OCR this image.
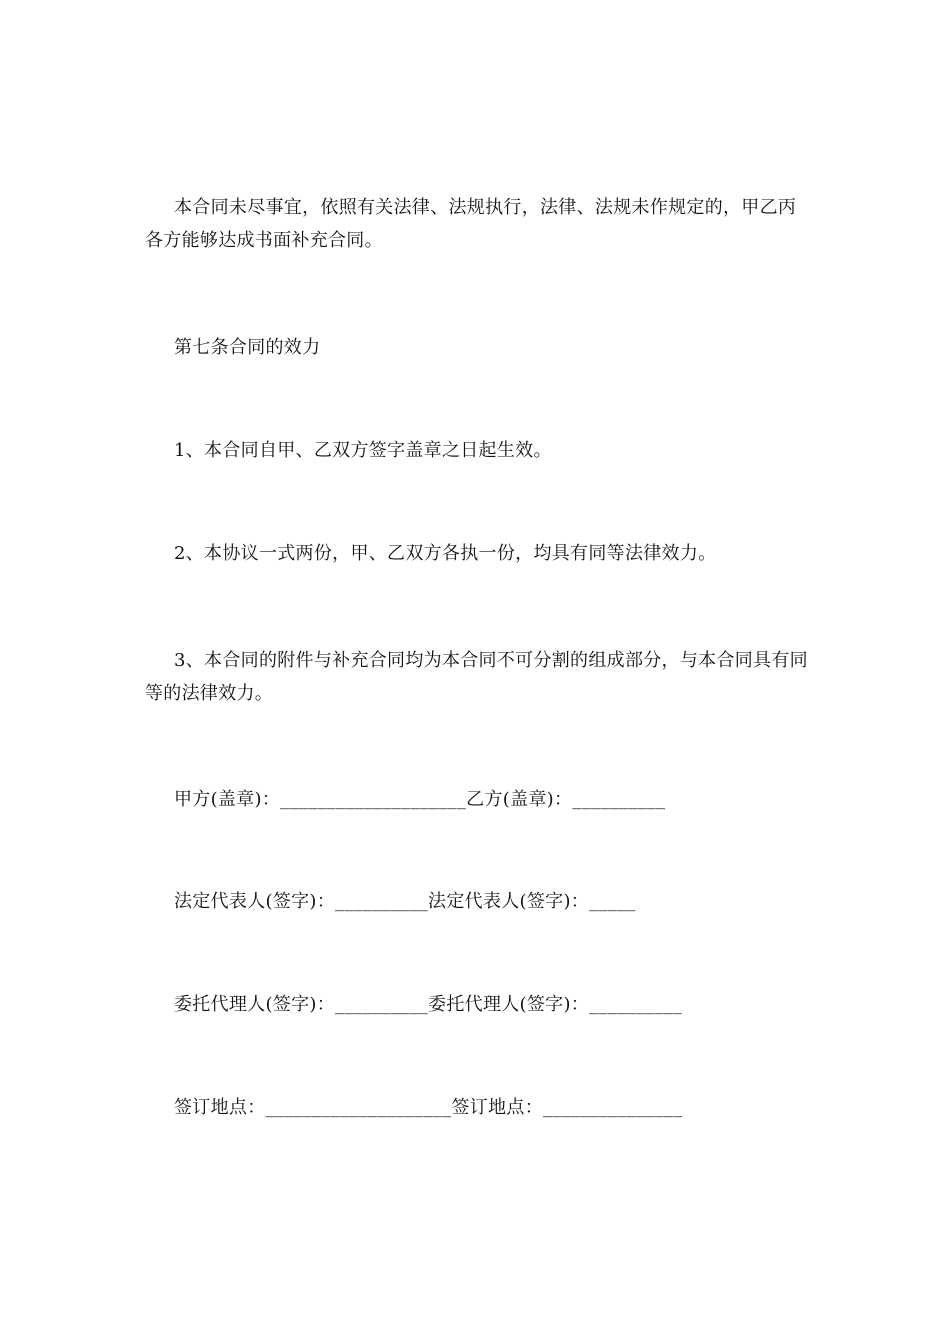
本合同未尽事宜，依照有关法律、法规执行，法律、法规未作规定的，甲乙丙各方能够达成书面补充合同。

第七条合同的效力

1、本合同自甲、乙双方签字盖章之日起生效。

2、本协议一式两份，甲、乙双方各执一份，均具有同等法律效力。

3、本合同的附件与补充合同均为本合同不可分割的组成部分，与本合同具有同等的法律效力。

甲方(盖章)：____________________乙方(盖章)：__________

法定代表人(签字)：__________法定代表人(签字)：_____

委托代理人(签字)：__________委托代理人(签字)：__________

签订地点：____________________签订地点：_______________
